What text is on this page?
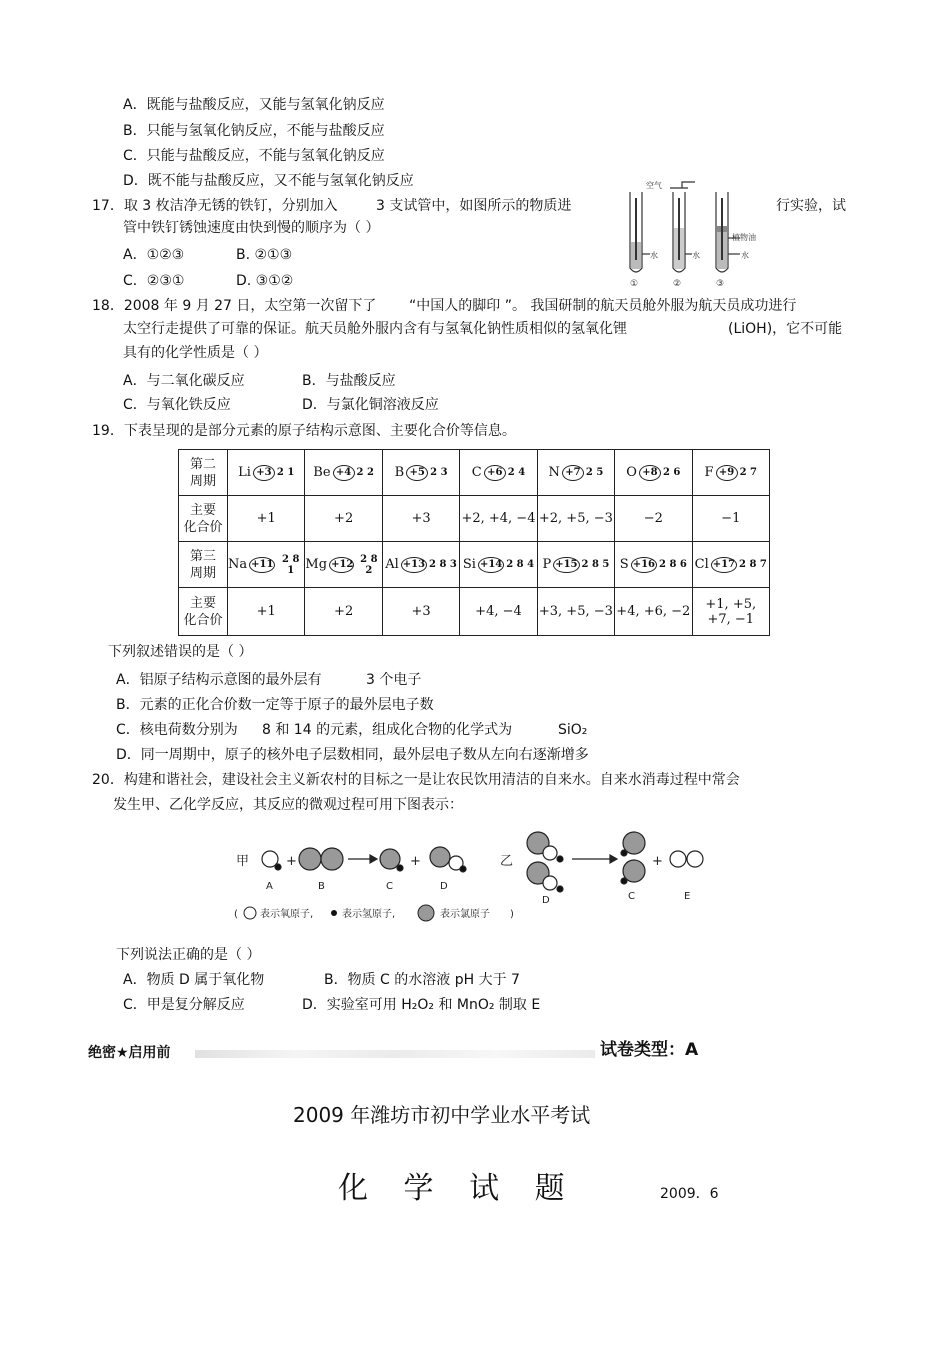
A．既能与盐酸反应，又能与氢氧化钠反应
B．只能与氢氧化钠反应，不能与盐酸反应
C．只能与盐酸反应，不能与氢氧化钠反应
D．既不能与盐酸反应，又不能与氢氧化钠反应
17．取 3 枚洁净无锈的铁钉，分别加入	3 支试管中，如图所示的物质进	行实验，试
管中铁钉锈蚀速度由快到慢的顺序为（ ）
A．①②③	B. ②①③
C．②③①	D. ③①②
空气
植物油
水
水	水
①	②	③
18．2008 年 9 月 27 日，太空第一次留下了 “中国人的脚印 ”。 我国研制的航天员舱外服为航天员成功进行
太空行走提供了可靠的保证。航天员舱外服内含有与氢氧化钠性质相似的氢氧化锂	(LiOH)，它不可能
具有的化学性质是（ ）
A．与二氧化碳反应	B．与盐酸反应
C．与氧化铁反应	D．与氯化铜溶液反应
19．下表呈现的是部分元素的原子结构示意图、主要化合价等信息。
第二
周期	Li +3 2 1	Be +4 2 2	B +5 2 3	C +6 2 4	N +7 2 5	O +8 2 6	F +9 2 7

主要
化合价	+1	+2	+3	+2, +4, −4	+2, +5, −3	−2	−1
第三
周期	Na +11 2 8 1	Mg +12 2 8 2	Al +13 2 8 3	Si +14 2 8 4	P +15 2 8 5	S +16 2 8 6	Cl +17 2 8 7

主要
化合价	+1	+2	+3	+4, −4	+3, +5, −3	+4, +6, −2	+1, +5,
+7, −1
下列叙述错误的是（ ）
A．铝原子结构示意图的最外层有	3 个电子
B．元素的正化合价数一定等于原子的最外层电子数
C．核电荷数分别为 8 和 14 的元素，组成化合物的化学式为	SiO₂
D．同一周期中，原子的核外电子层数相同，最外层电子数从左向右逐渐增多
20．构建和谐社会，建设社会主义新农村的目标之一是让农民饮用清洁的自来水。自来水消毒过程中常会
发生甲、乙化学反应，其反应的微观过程可用下图表示：
甲	乙
+	+	+
A	B	C	D
D	C	E
( 表示氧原子,	表示氢原子,	表示氯原子 )
下列说法正确的是（ ）
A．物质 D 属于氧化物	B．物质 C 的水溶液 pH 大于 7
C．甲是复分解反应	D．实验室可用 H₂O₂ 和 MnO₂ 制取 E
绝密★启用前	试卷类型：A
2009 年潍坊市初中学业水平考试
化 学 试 题	2009．6
